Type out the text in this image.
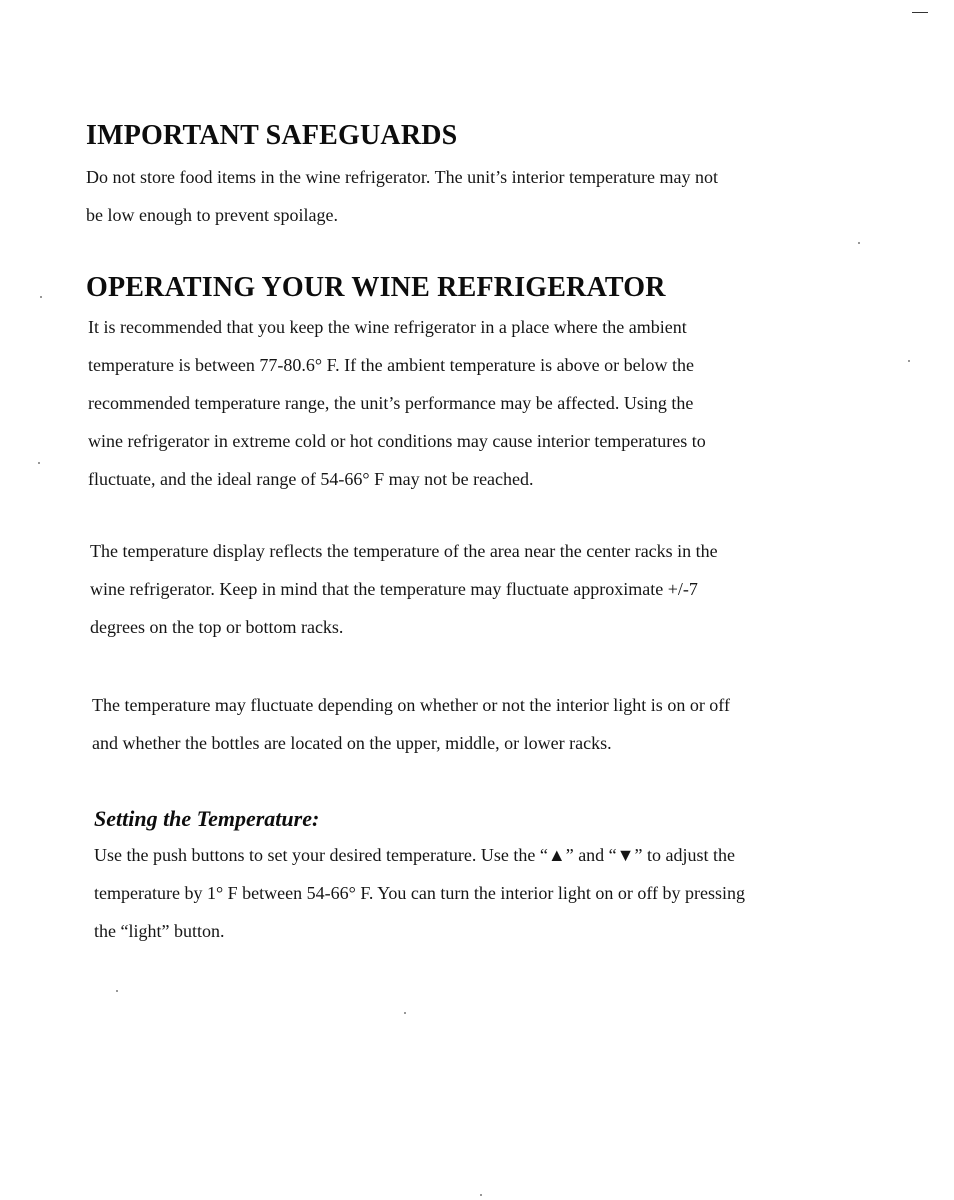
IMPORTANT SAFEGUARDS

Do not store food items in the wine refrigerator. The unit’s interior temperature may not
be low enough to prevent spoilage.

OPERATING YOUR WINE REFRIGERATOR

It is recommended that you keep the wine refrigerator in a place where the ambient
temperature is between 77-80.6° F. If the ambient temperature is above or below the
recommended temperature range, the unit’s performance may be affected. Using the
wine refrigerator in extreme cold or hot conditions may cause interior temperatures to
fluctuate, and the ideal range of 54-66° F may not be reached.

The temperature display reflects the temperature of the area near the center racks in the
wine refrigerator. Keep in mind that the temperature may fluctuate approximate +/-7
degrees on the top or bottom racks.

The temperature may fluctuate depending on whether or not the interior light is on or off
and whether the bottles are located on the upper, middle, or lower racks.

Setting the Temperature:

Use the push buttons to set your desired temperature. Use the “▲” and “▼” to adjust the
temperature by 1° F between 54-66° F. You can turn the interior light on or off by pressing
the “light” button.
